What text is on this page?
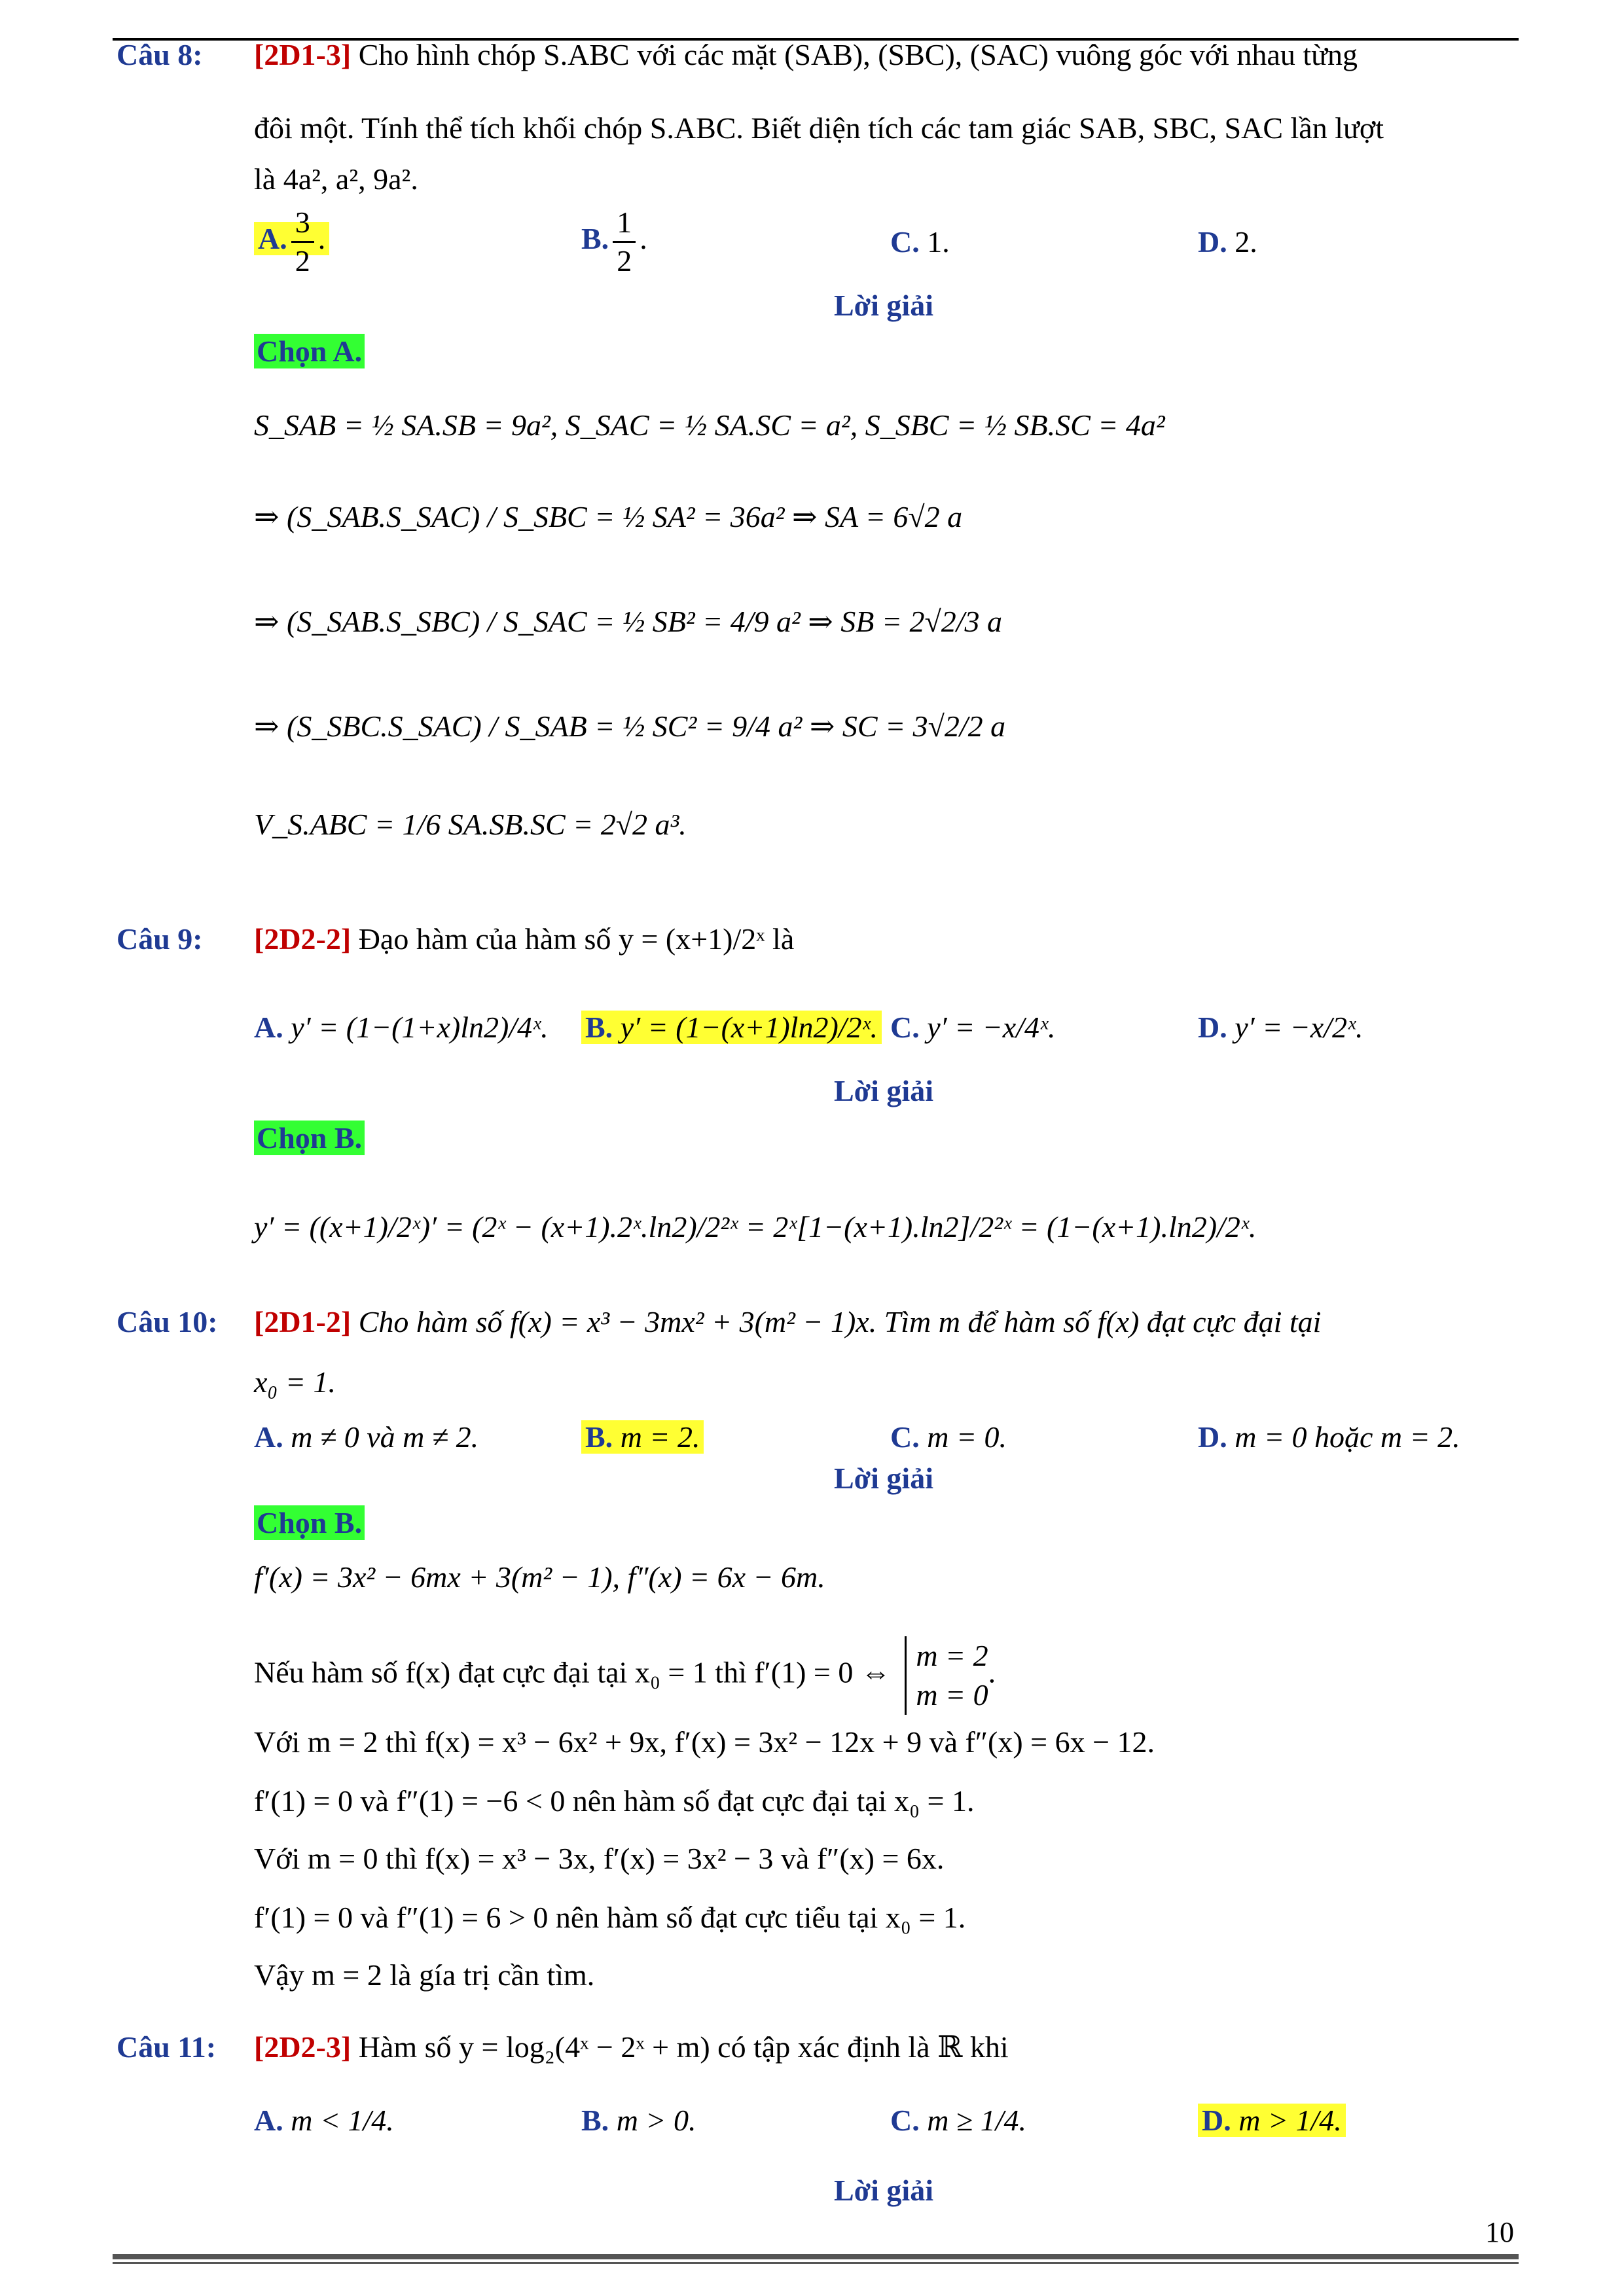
Câu 8: [2D1-3] Cho hình chóp S.ABC với các mặt (SAB), (SBC), (SAC) vuông góc với nhau từng
đôi một. Tính thể tích khối chóp S.ABC. Biết diện tích các tam giác SAB, SBC, SAC lần lượt
là 4a², a², 9a².
A. $\frac{3}{2}$ .	B. $\frac{1}{2}$ .	C. 1.	D. 2.
Lời giải
Chọn A.
S_SAB = ½ SA.SB = 9a², S_SAC = ½ SA.SC = a², S_SBC = ½ SB.SC = 4a²
⇒ (S_SAB.S_SAC) / S_SBC = ½ SA² = 36a² ⇒ SA = 6√2 a
⇒ (S_SAB.S_SBC) / S_SAC = ½ SB² = 4/9 a² ⇒ SB = 2√2/3 a
⇒ (S_SBC.S_SAC) / S_SAB = ½ SC² = 9/4 a² ⇒ SC = 3√2/2 a
V_S.ABC = 1/6 SA.SB.SC = 2√2 a³.
Câu 9: [2D2-2] Đạo hàm của hàm số y = (x+1)/2ˣ là
A. y′ = (1−(1+x)ln2)/4ˣ. B. y′ = (1−(x+1)ln2)/2ˣ. C. y′ = −x/4ˣ.	D. y′ = −x/2ˣ.
Lời giải
Chọn B.
y′ = ((x+1)/2ˣ)′ = (2ˣ − (x+1).2ˣ.ln2)/2²ˣ = 2ˣ[1−(x+1).ln2]/2²ˣ = (1−(x+1).ln2)/2ˣ.
Câu 10: [2D1-2] Cho hàm số f(x) = x³ − 3mx² + 3(m² − 1)x. Tìm m để hàm số f(x) đạt cực đại tại
x₀ = 1.
A. m ≠ 0 và m ≠ 2.	B. m = 2.	C. m = 0.	D. m = 0 hoặc m = 2.
Lời giải
Chọn B.
f′(x) = 3x² − 6mx + 3(m² − 1), f″(x) = 6x − 6m.
Nếu hàm số f(x) đạt cực đại tại x₀ = 1 thì f′(1) = 0 ⇔
m = 2
m = 0
.
Với m = 2 thì f(x) = x³ − 6x² + 9x, f′(x) = 3x² − 12x + 9 và f″(x) = 6x − 12.
f′(1) = 0 và f″(1) = −6 < 0 nên hàm số đạt cực đại tại x₀ = 1.
Với m = 0 thì f(x) = x³ − 3x, f′(x) = 3x² − 3 và f″(x) = 6x.
f′(1) = 0 và f″(1) = 6 > 0 nên hàm số đạt cực tiểu tại x₀ = 1.
Vậy m = 2 là gía trị cần tìm.
Câu 11: [2D2-3] Hàm số y = log₂(4ˣ − 2ˣ + m) có tập xác định là ℝ khi
A. m < 1/4.	B. m > 0.	C. m ≥ 1/4.	D. m > 1/4.
Lời giải
10
